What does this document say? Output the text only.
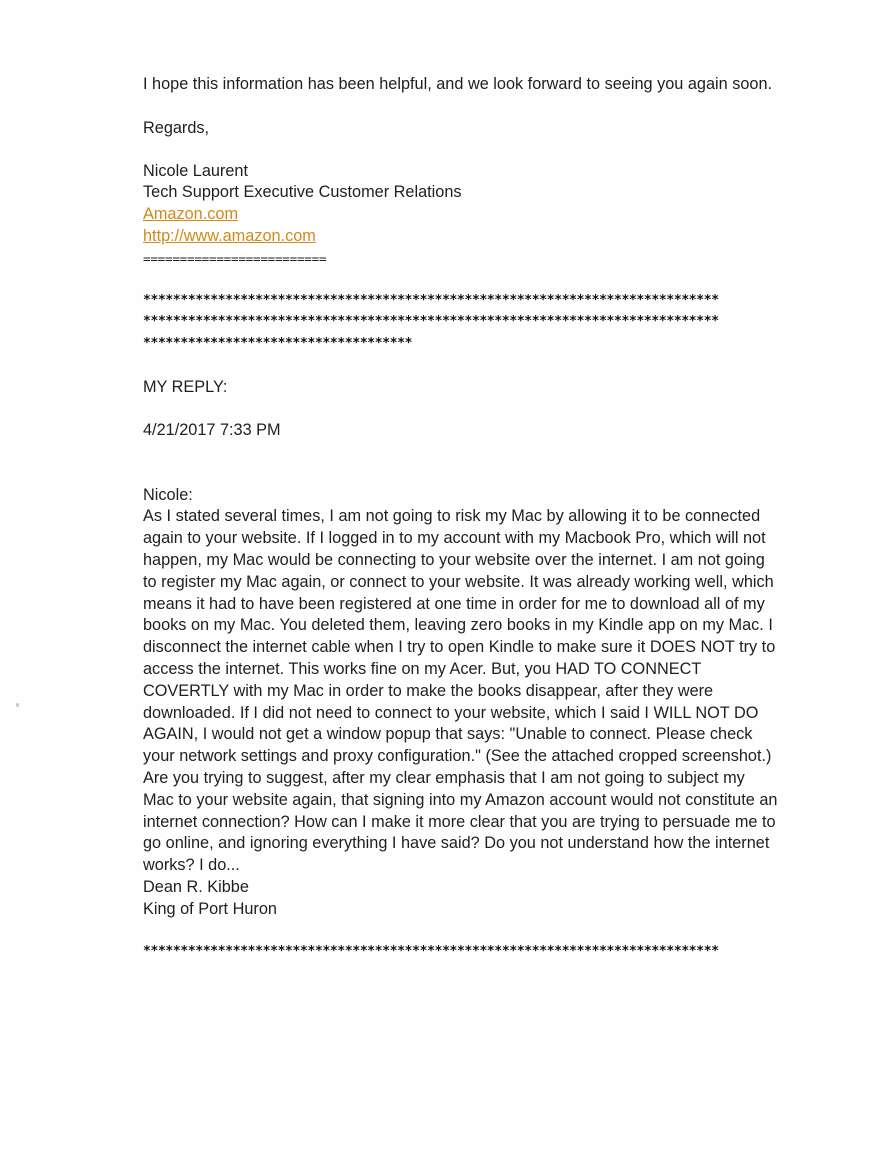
I hope this information has been helpful, and we look forward to seeing you again soon.

Regards,

Nicole Laurent
Tech Support Executive Customer Relations
Amazon.com
http://www.amazon.com
=========================
*****************************************************************************
*****************************************************************************
************************************

MY REPLY:

4/21/2017 7:33 PM

Nicole:

As I stated several times, I am not going to risk my Mac by allowing it to be connected again to your website. If I logged in to my account with my Macbook Pro, which will not happen, my Mac would be connecting to your website over the internet. I am not going to register my Mac again, or connect to your website. It was already working well, which means it had to have been registered at one time in order for me to download all of my books on my Mac. You deleted them, leaving zero books in my Kindle app on my Mac. I disconnect the internet cable when I try to open Kindle to make sure it DOES NOT try to access the internet. This works fine on my Acer. But, you HAD TO CONNECT COVERTLY with my Mac in order to make the books disappear, after they were downloaded. If I did not need to connect to your website, which I said I WILL NOT DO AGAIN, I would not get a window popup that says: "Unable to connect. Please check your network settings and proxy configuration." (See the attached cropped screenshot.) Are you trying to suggest, after my clear emphasis that I am not going to subject my Mac to your website again, that signing into my Amazon account would not constitute an internet connection? How can I make it more clear that you are trying to persuade me to go online, and ignoring everything I have said? Do you not understand how the internet works? I do...

Dean R. Kibbe
King of Port Huron
*****************************************************************************
